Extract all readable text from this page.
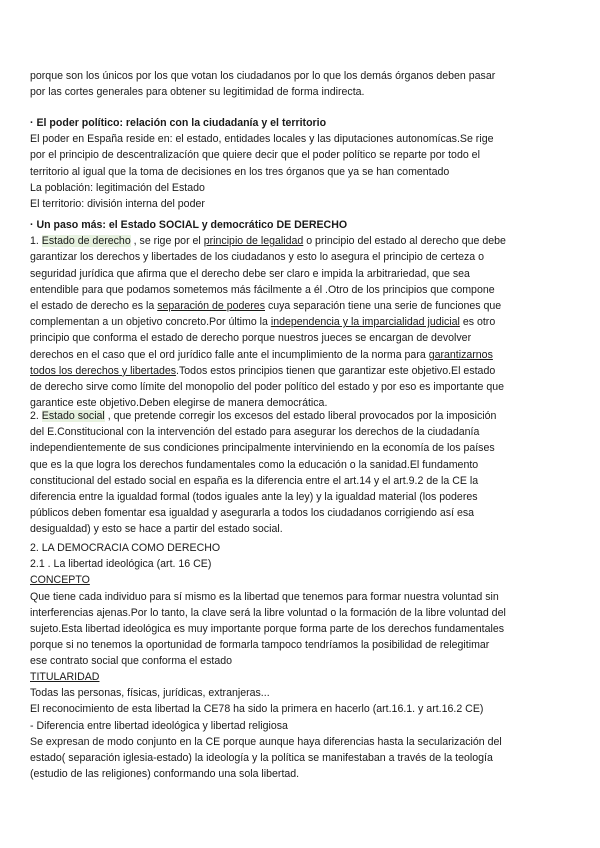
porque son los únicos por los que votan los ciudadanos por lo que los demás órganos deben pasar
por las cortes generales para obtener su legitimidad de forma indirecta.
· El poder político: relación con la ciudadanía y el territorio
El poder en España reside en: el estado, entidades locales y las diputaciones autonomícas.Se rige
por el principio de descentralizacíón que quiere decir que el poder político se reparte por todo el
territorio al igual que la toma de decisiones en los tres órganos que ya se han comentado
La población: legitimación del Estado
El territorio: división interna del poder
· Un paso más: el Estado SOCIAL y democrático DE DERECHO
1. Estado de derecho , se rige por el principio de legalidad o principio del estado al derecho que debe
garantizar los derechos y libertades de los ciudadanos y esto lo asegura el principio de certeza o
seguridad jurídica que afirma que el derecho debe ser claro e impida la arbitrariedad, que sea
entendible para que podamos sometemos más fácilmente a él .Otro de los principios que compone
el estado de derecho es la separación de poderes cuya separación tiene una serie de funciones que
complementan a un objetivo concreto.Por último la independencia y la imparcialidad judicial es otro
principio que conforma el estado de derecho porque nuestros jueces se encargan de devolver
derechos en el caso que el ord jurídico falle ante el incumplimiento de la norma para garantizarnos
todos los derechos y libertades.Todos estos principios tienen que garantizar este objetivo.El estado
de derecho sirve como límite del monopolio del poder político del estado y por eso es importante que
garantice este objetivo.Deben elegirse de manera democrática.
2. Estado social , que pretende corregir los excesos del estado liberal provocados por la imposición
del E.Constitucional con la intervención del estado para asegurar los derechos de la ciudadanía
independientemente de sus condiciones principalmente interviniendo en la economía de los países
que es la que logra los derechos fundamentales como la educación o la sanidad.El fundamento
constitucional del estado social en españa es la diferencia entre el art.14 y el art.9.2 de la CE la
diferencia entre la igualdad formal (todos iguales ante la ley) y la igualdad material (los poderes
públicos deben fomentar esa igualdad y asegurarla a todos los ciudadanos corrigiendo así esa
desigualdad) y esto se hace a partir del estado social.
2. LA DEMOCRACIA COMO DERECHO
2.1 . La libertad ideológica (art. 16 CE)
CONCEPTO
Que tiene cada individuo para sí mismo es la libertad que tenemos para formar nuestra voluntad sin
interferencias ajenas.Por lo tanto, la clave será la libre voluntad o la formación de la libre voluntad del
sujeto.Esta libertad ideológica es muy importante porque forma parte de los derechos fundamentales
porque si no tenemos la oportunidad de formarla tampoco tendríamos la posibilidad de relegitimar
ese contrato social que conforma el estado
TITULARIDAD
Todas las personas, físicas, jurídicas, extranjeras...
El reconocimiento de esta libertad la CE78 ha sido la primera en hacerlo (art.16.1. y art.16.2 CE)
- Diferencia entre libertad ideológica y libertad religiosa
Se expresan de modo conjunto en la CE porque aunque haya diferencias hasta la secularización del
estado( separación iglesia-estado) la ideología y la política se manifestaban a través de la teología
(estudio de las religiones) conformando una sola libertad.
